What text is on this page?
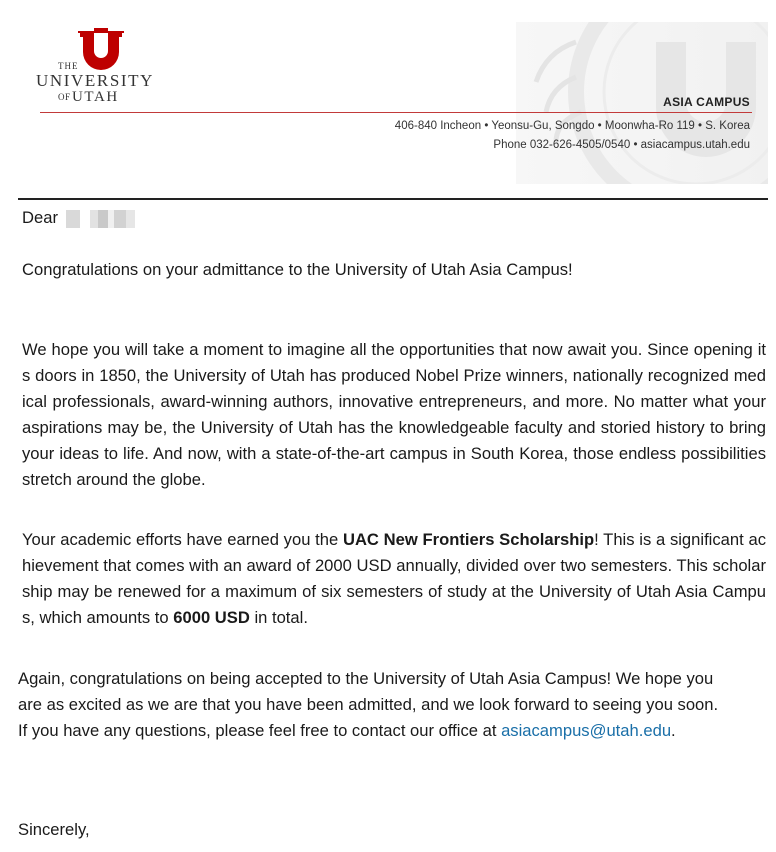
THE
UNIVERSITY
OF UTAH	ASIA CAMPUS
406-840 Incheon • Yeonsu-Gu, Songdo • Moonwha-Ro 119 • S. Korea
Phone 032-626-4505/0540 • asiacampus.utah.edu
Dear
Congratulations on your admittance to the University of Utah Asia Campus!
We hope you will take a moment to imagine all the opportunities that now await you. Since opening its doors in 1850, the University of Utah has produced Nobel Prize winners, nationally recognized medical professionals, award-winning authors, innovative entrepreneurs, and more. No matter what your aspirations may be, the University of Utah has the knowledgeable faculty and storied history to bring your ideas to life. And now, with a state-of-the-art campus in South Korea, those endless possibilities stretch around the globe.
Your academic efforts have earned you the UAC New Frontiers Scholarship! This is a significant achievement that comes with an award of 2000 USD annually, divided over two semesters. This scholarship may be renewed for a maximum of six semesters of study at the University of Utah Asia Campus, which amounts to 6000 USD in total.
Again, congratulations on being accepted to the University of Utah Asia Campus! We hope you are as excited as we are that you have been admitted, and we look forward to seeing you soon. If you have any questions, please feel free to contact our office at asiacampus@utah.edu.
Sincerely,
